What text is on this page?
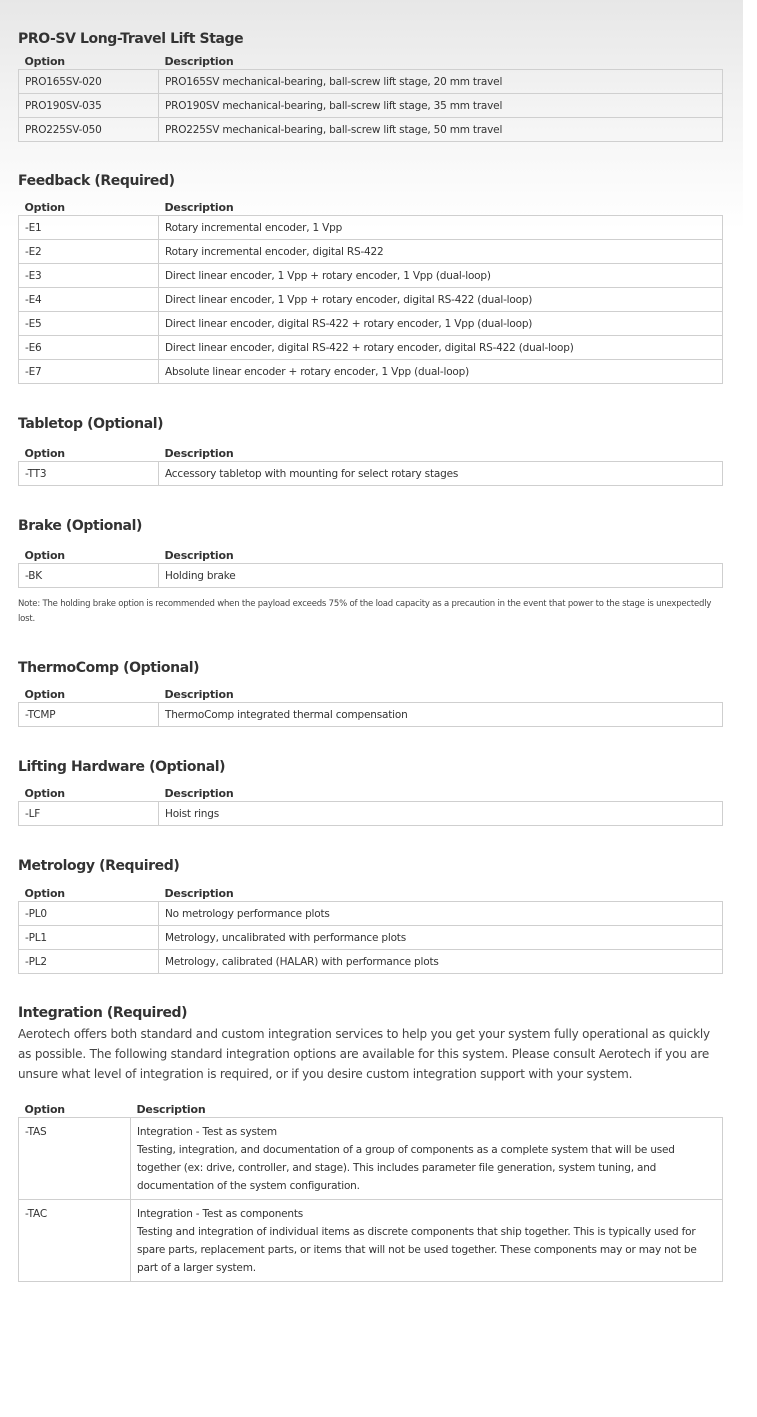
PRO-SV Long-Travel Lift Stage
Option	Description
PRO165SV-020	PRO165SV mechanical-bearing, ball-screw lift stage, 20 mm travel
PRO190SV-035	PRO190SV mechanical-bearing, ball-screw lift stage, 35 mm travel
PRO225SV-050	PRO225SV mechanical-bearing, ball-screw lift stage, 50 mm travel
Feedback (Required)
Option	Description
-E1	Rotary incremental encoder, 1 Vpp
-E2	Rotary incremental encoder, digital RS-422
-E3	Direct linear encoder, 1 Vpp + rotary encoder, 1 Vpp (dual-loop)
-E4	Direct linear encoder, 1 Vpp + rotary encoder, digital RS-422 (dual-loop)
-E5	Direct linear encoder, digital RS-422 + rotary encoder, 1 Vpp (dual-loop)
-E6	Direct linear encoder, digital RS-422 + rotary encoder, digital RS-422 (dual-loop)
-E7	Absolute linear encoder + rotary encoder, 1 Vpp (dual-loop)
Tabletop (Optional)
Option	Description
-TT3	Accessory tabletop with mounting for select rotary stages
Brake (Optional)
Option	Description
-BK	Holding brake

Note: The holding brake option is recommended when the payload exceeds 75% of the load capacity as a precaution in the event that power to the stage is unexpectedly lost.

ThermoComp (Optional)
Option	Description
-TCMP	ThermoComp integrated thermal compensation
Lifting Hardware (Optional)
Option	Description
-LF	Hoist rings
Metrology (Required)
Option	Description
-PL0	No metrology performance plots
-PL1	Metrology, uncalibrated with performance plots
-PL2	Metrology, calibrated (HALAR) with performance plots
Integration (Required)

Aerotech offers both standard and custom integration services to help you get your system fully operational as quickly as possible. The following standard integration options are available for this system. Please consult Aerotech if you are unsure what level of integration is required, or if you desire custom integration support with your system.

Option	Description
-TAS	Integration - Test as system
Testing, integration, and documentation of a group of components as a complete system that will be used together (ex: drive, controller, and stage). This includes parameter file generation, system tuning, and documentation of the system configuration.

-TAC	Integration - Test as components
Testing and integration of individual items as discrete components that ship together. This is typically used for spare parts, replacement parts, or items that will not be used together. These components may or may not be part of a larger system.
